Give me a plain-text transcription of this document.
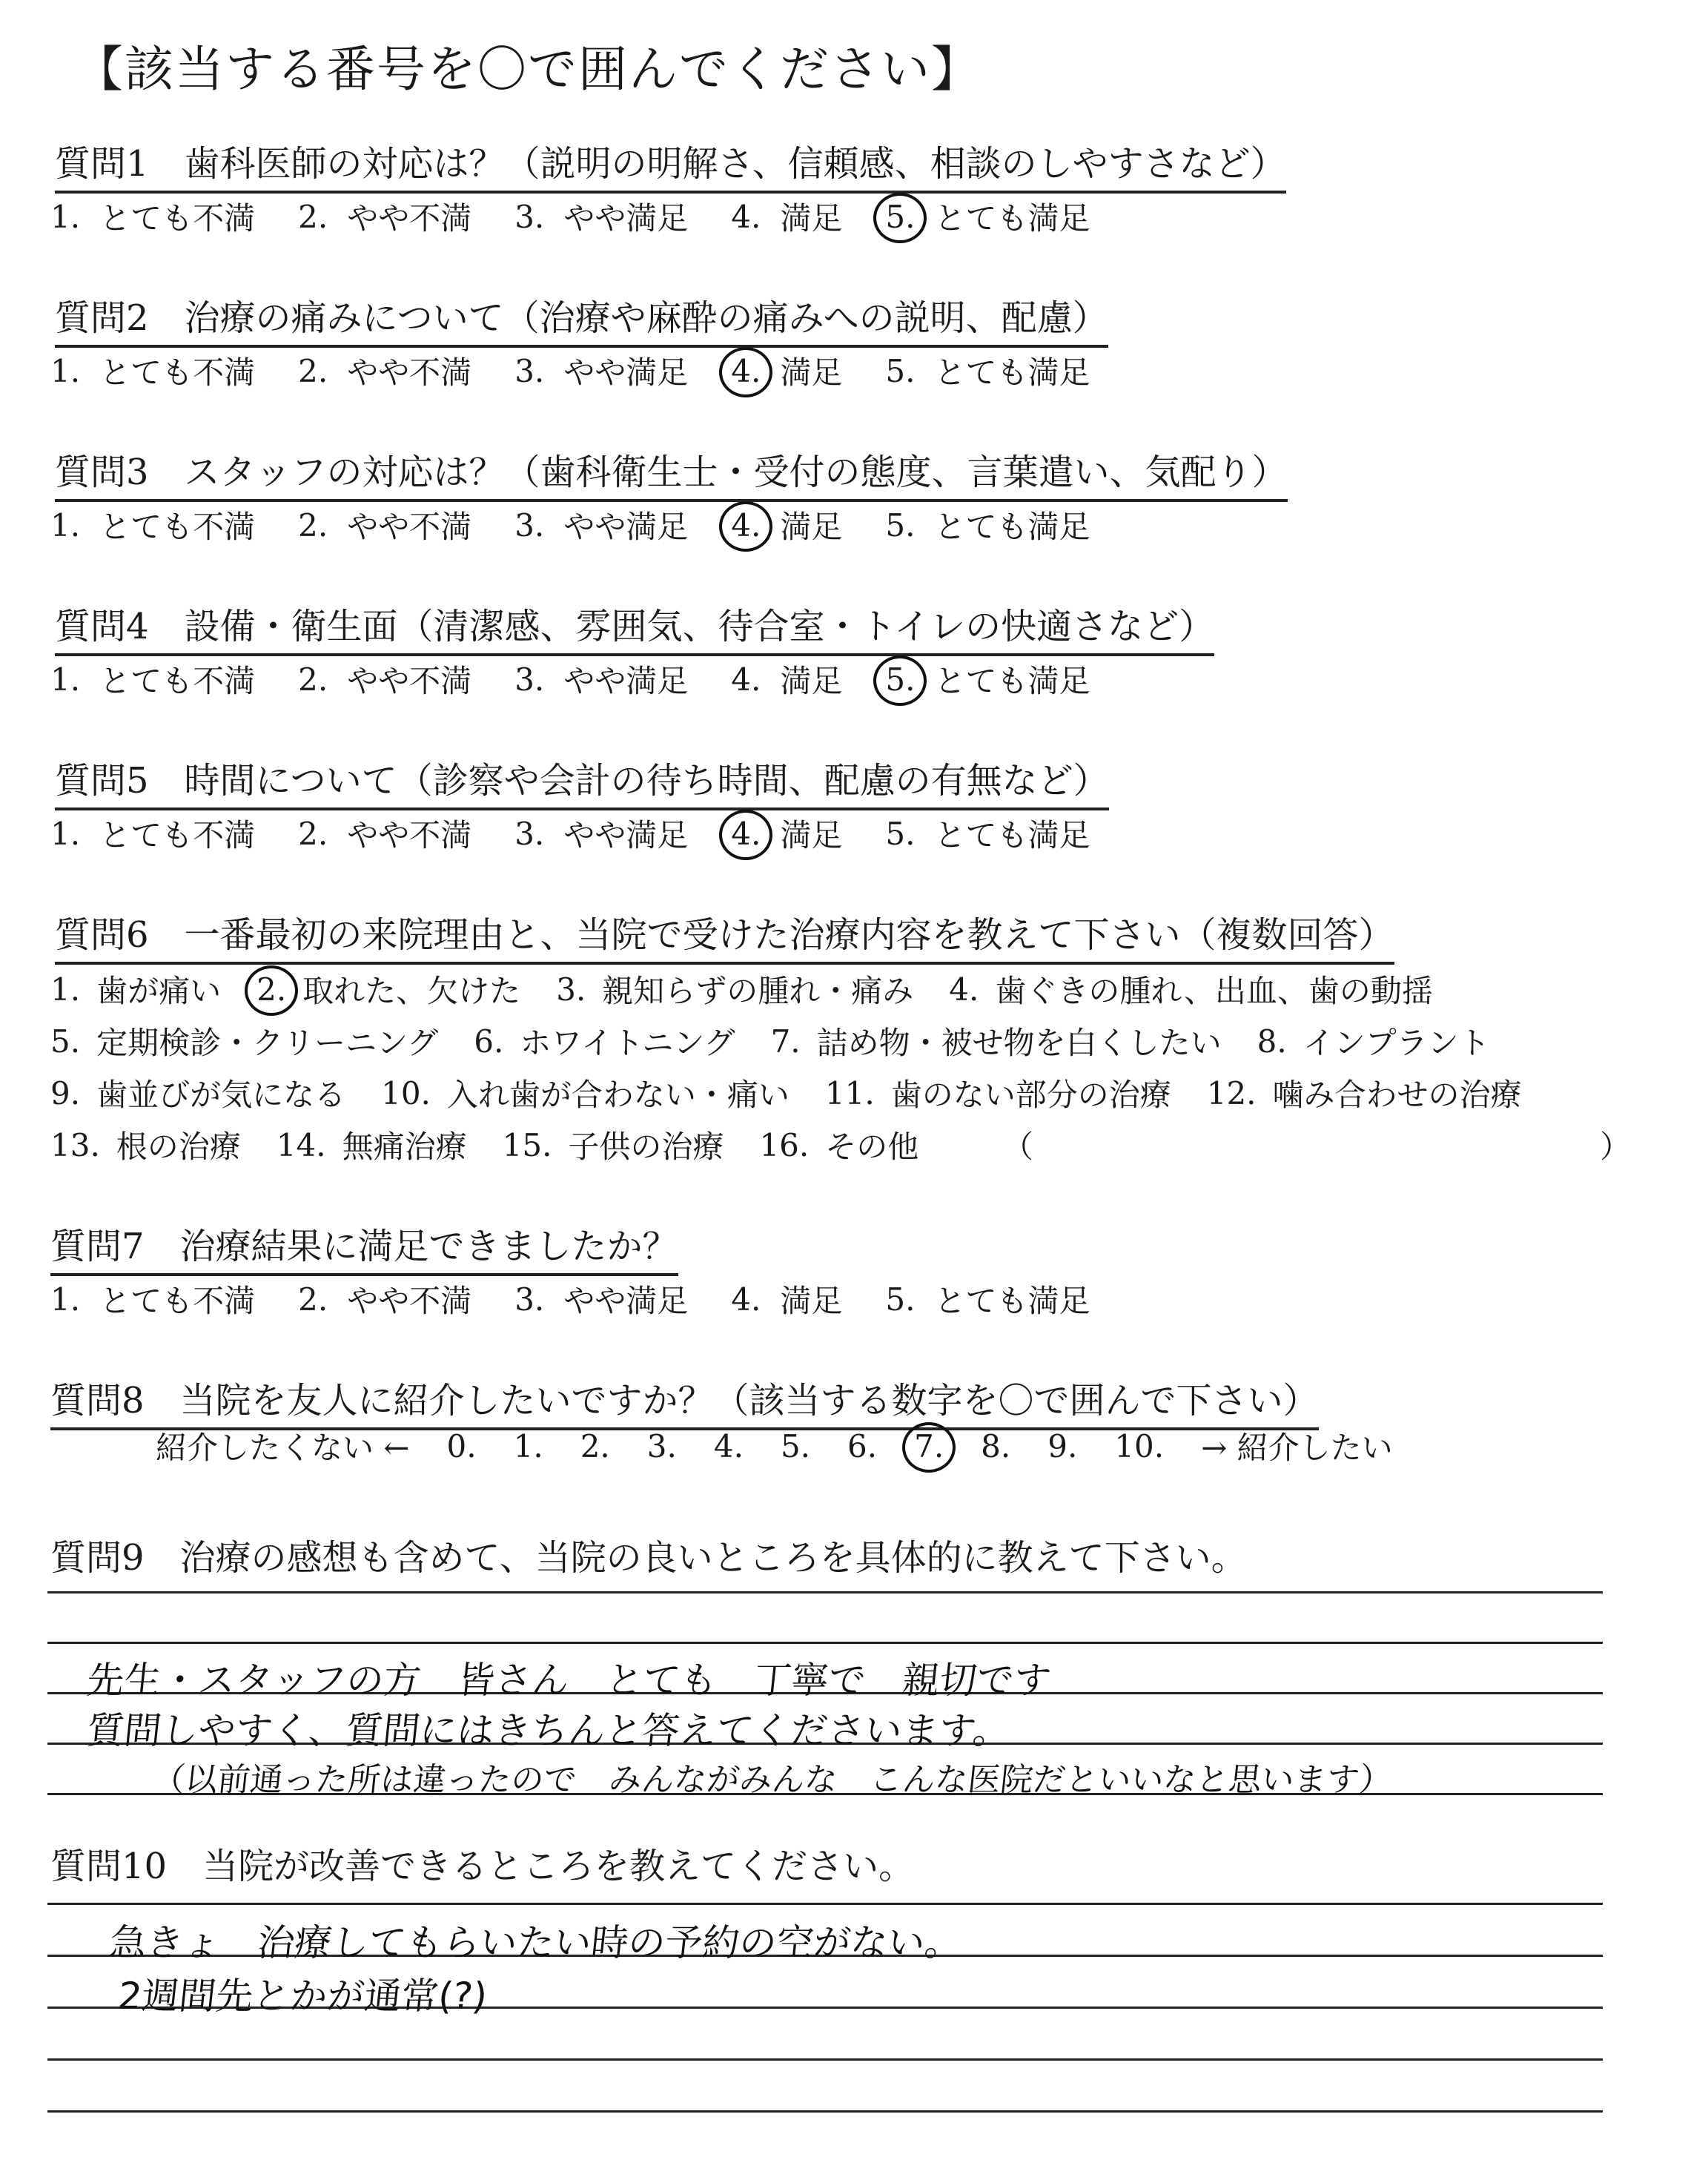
【該当する番号を〇で囲んでください】
質問1　歯科医師の対応は？（説明の明解さ、信頼感、相談のしやすさなど）
1. とても不満 2. やや不満 3. やや満足 4. 満足 5. とても満足
質問2　治療の痛みについて（治療や麻酔の痛みへの説明、配慮）
1. とても不満 2. やや不満 3. やや満足 4. 満足 5. とても満足
質問3　スタッフの対応は？（歯科衛生士・受付の態度、言葉遣い、気配り）
1. とても不満 2. やや不満 3. やや満足 4. 満足 5. とても満足
質問4　設備・衛生面（清潔感、雰囲気、待合室・トイレの快適さなど）
1. とても不満 2. やや不満 3. やや満足 4. 満足 5. とても満足
質問5　時間について（診察や会計の待ち時間、配慮の有無など）
1. とても不満 2. やや不満 3. やや満足 4. 満足 5. とても満足
質問6　一番最初の来院理由と、当院で受けた治療内容を教えて下さい（複数回答）
1. 歯が痛い 2. 取れた、欠けた 3. 親知らずの腫れ・痛み 4. 歯ぐきの腫れ、出血、歯の動揺
5. 定期検診・クリーニング 6. ホワイトニング 7. 詰め物・被せ物を白くしたい 8. インプラント
9. 歯並びが気になる 10. 入れ歯が合わない・痛い 11. 歯のない部分の治療 12. 噛み合わせの治療
13. 根の治療 14. 無痛治療 15. 子供の治療 16. その他	（	）
質問7　治療結果に満足できましたか？
1. とても不満 2. やや不満 3. やや満足 4. 満足 5. とても満足
質問8　当院を友人に紹介したいですか？（該当する数字を〇で囲んで下さい）
紹介したくない ← 0. 1. 2. 3. 4. 5. 6. 7. 8. 9. 10.	→ 紹介したい
質問9　治療の感想も含めて、当院の良いところを具体的に教えて下さい。
先生・スタッフの方　皆さん　とても　丁寧で　親切です
質問しやすく、質問にはきちんと答えてくださいます。
（以前通った所は違ったので　みんながみんな　こんな医院だといいなと思います）
質問10　当院が改善できるところを教えてください。
急きょ　治療してもらいたい時の予約の空がない。
2週間先とかが通常(?)
